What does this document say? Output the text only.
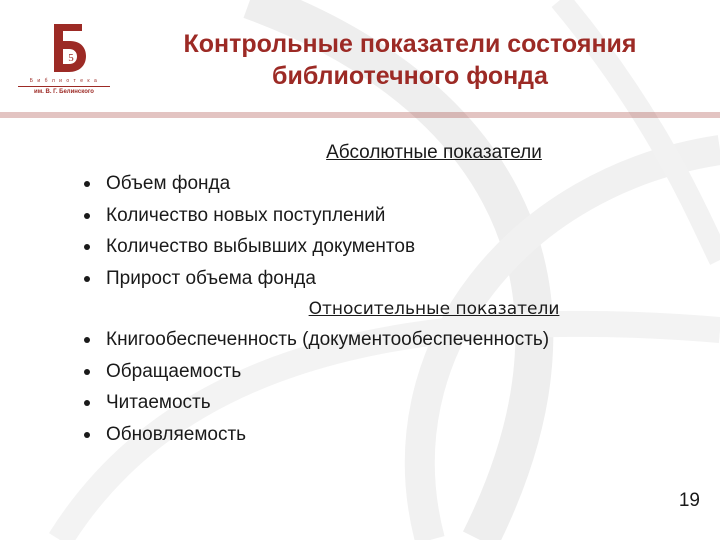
5
Б и б л и о т е к а
им. В. Г. Белинского
Контрольные показатели состояния
библиотечного фонда
Абсолютные показатели
Объем фонда
Количество новых поступлений
Количество выбывших документов
Прирост объема фонда
Относительные показатели
Книгообеспеченность (документообеспеченность)
Обращаемость
Читаемость
Обновляемость
19
